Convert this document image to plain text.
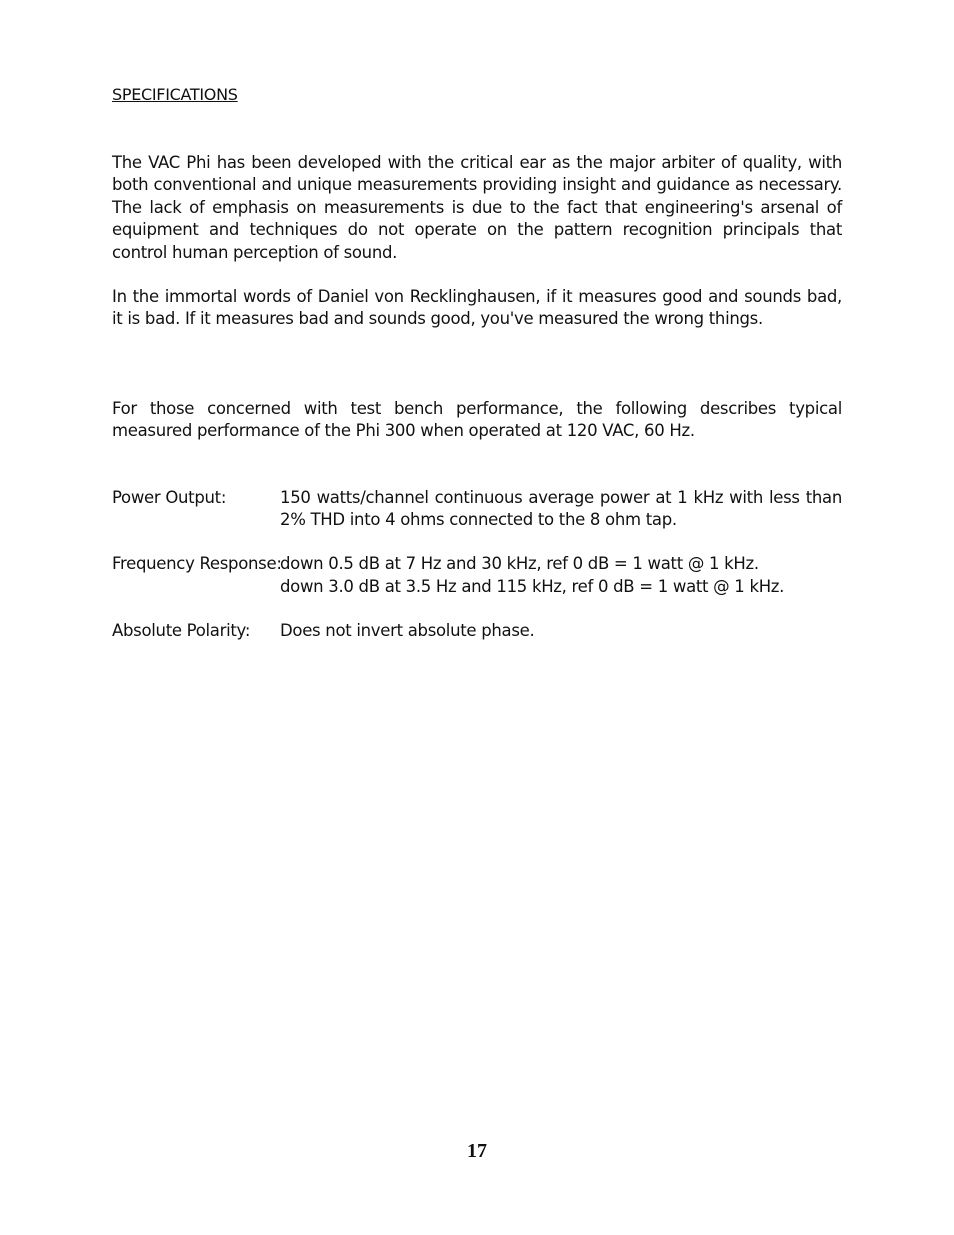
SPECIFICATIONS

The VAC Phi has been developed with the critical ear as the major arbiter of quality, with both conventional and unique measurements providing insight and guidance as necessary. The lack of emphasis on measurements is due to the fact that engineering's arsenal of equipment and techniques do not operate on the pattern recognition principals that control human perception of sound.

In the immortal words of Daniel von Recklinghausen, if it measures good and sounds bad, it is bad. If it measures bad and sounds good, you've measured the wrong things.

For those concerned with test bench performance, the following describes typical measured performance of the Phi 300 when operated at 120 VAC, 60 Hz.

Power Output:	150 watts/channel continuous average power at 1 kHz with less than 2% THD into 4 ohms connected to the 8 ohm tap.
Frequency Response:
down 0.5 dB at 7 Hz and 30 kHz, ref 0 dB = 1 watt @ 1 kHz.
down 3.0 dB at 3.5 Hz and 115 kHz, ref 0 dB = 1 watt @ 1 kHz.
Absolute Polarity:	Does not invert absolute phase.
17
